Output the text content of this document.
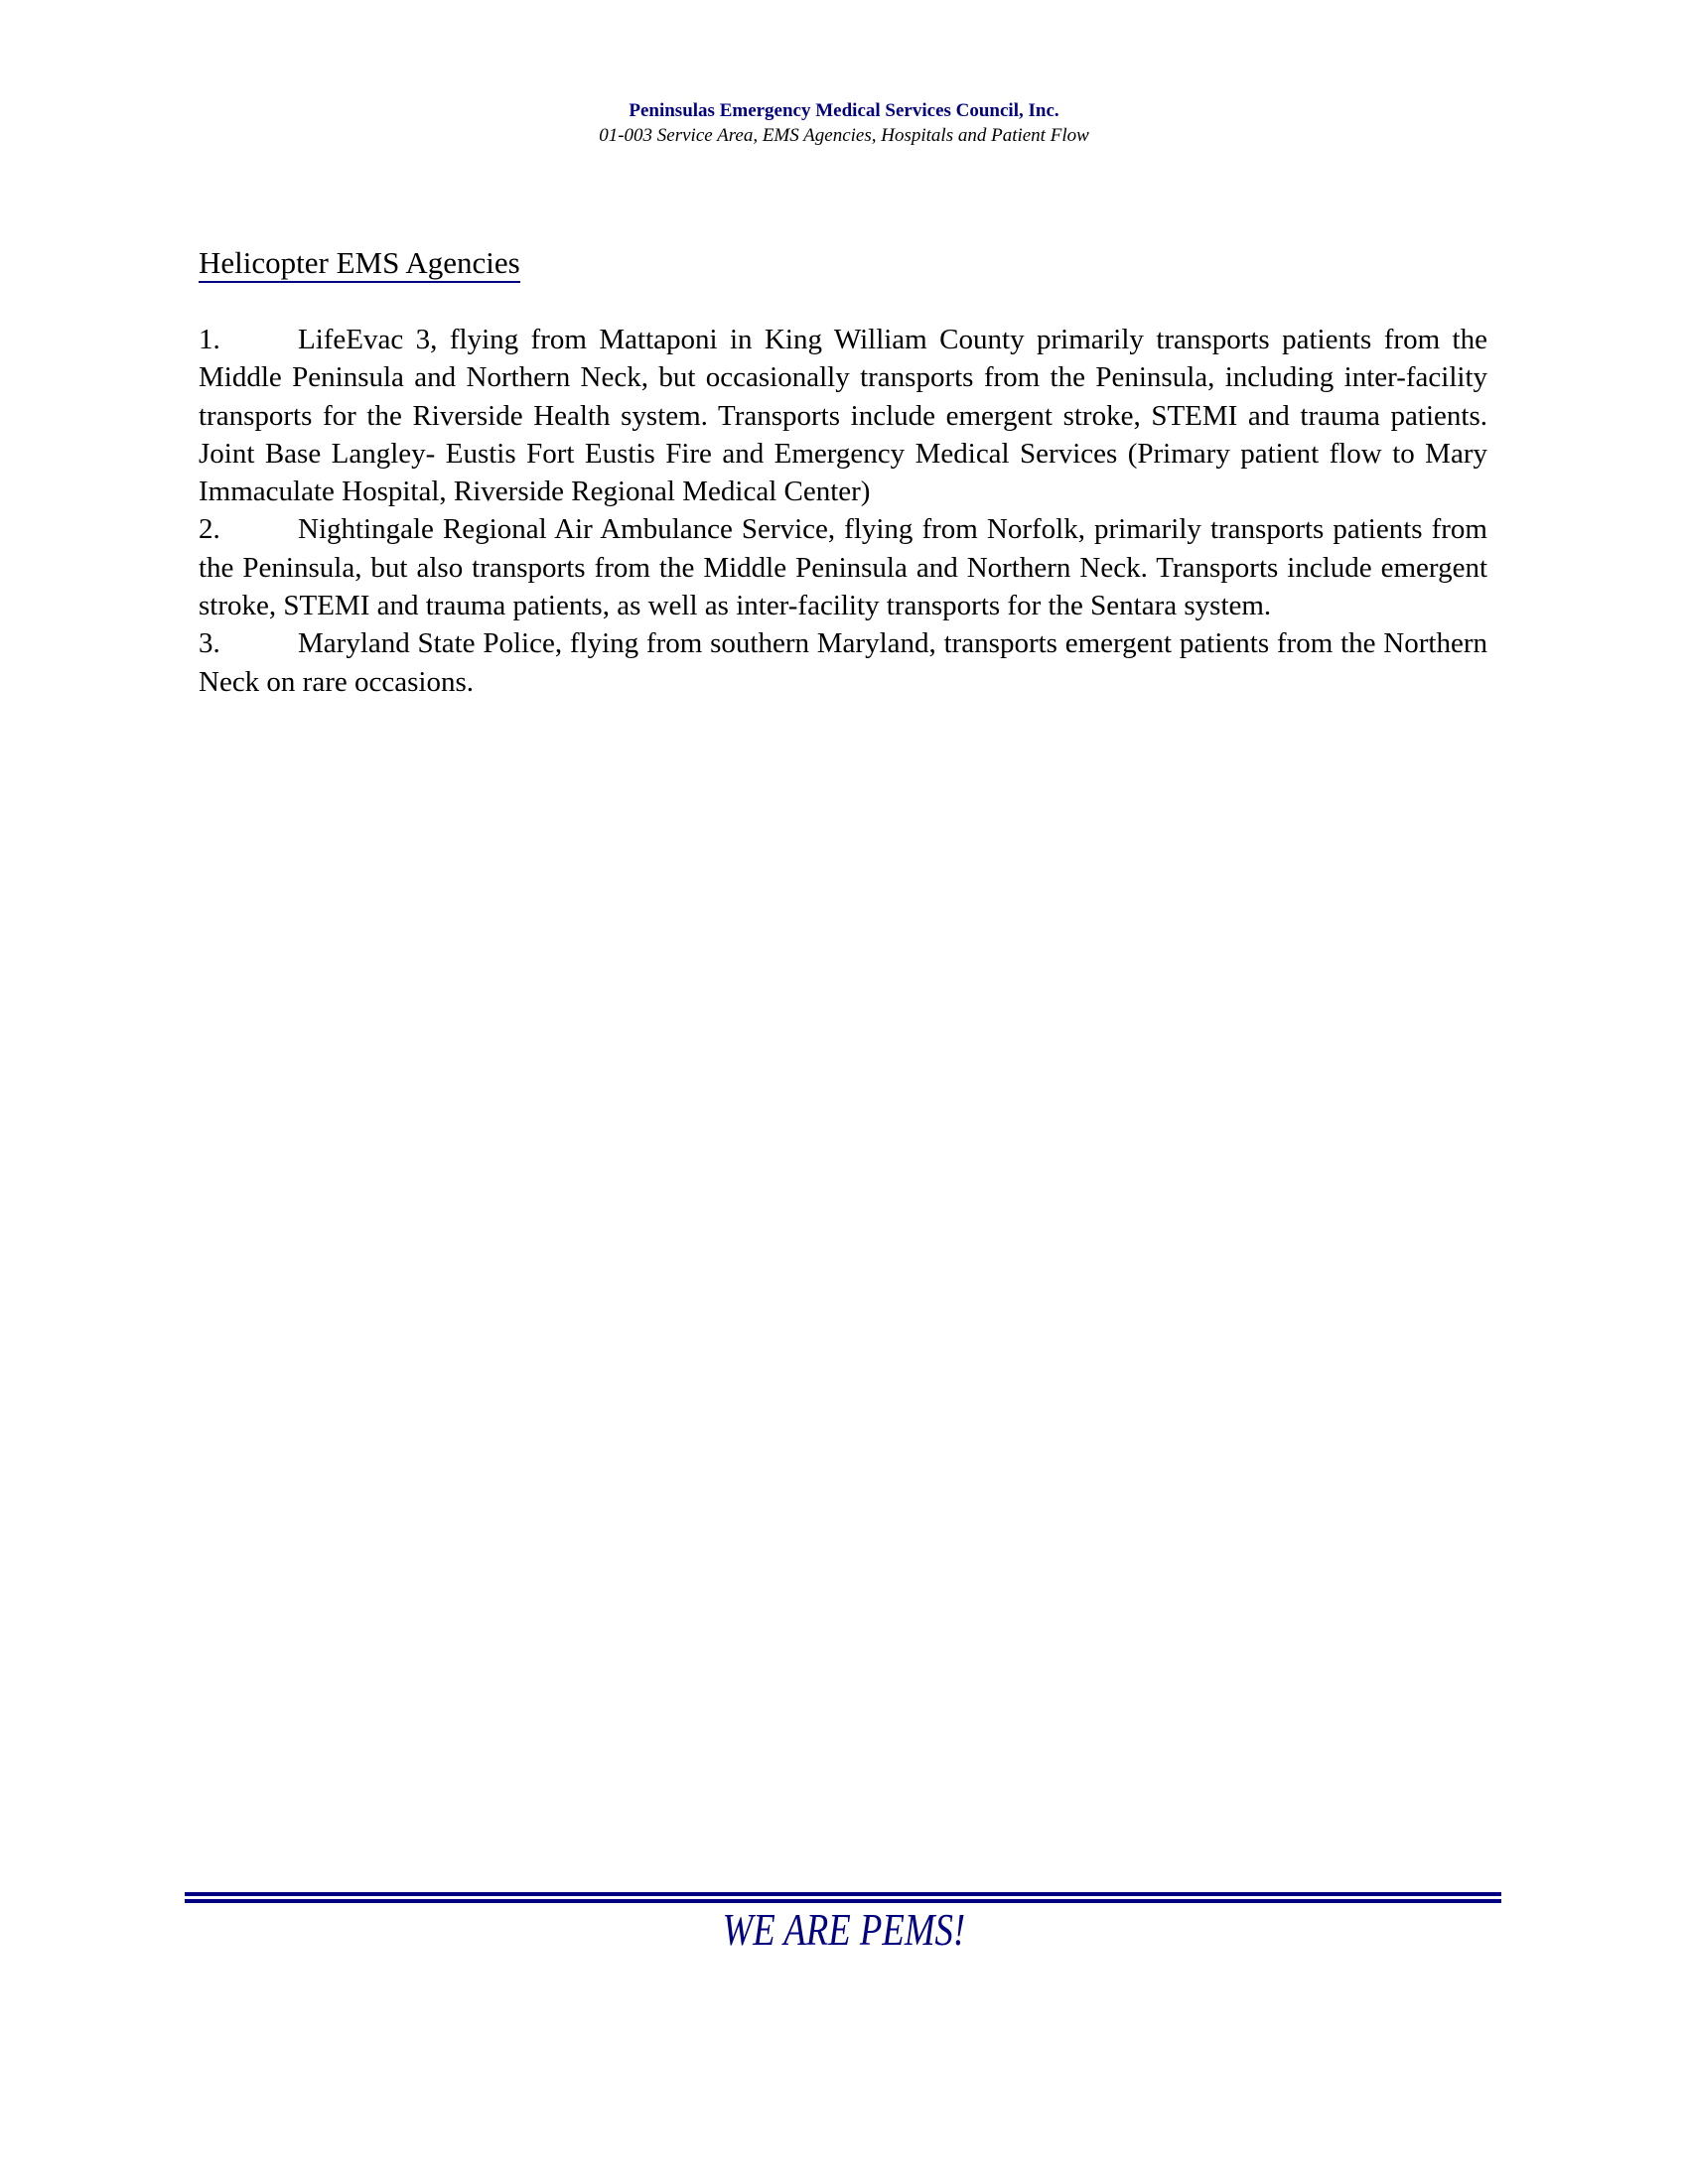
Peninsulas Emergency Medical Services Council, Inc.
01-003 Service Area, EMS Agencies, Hospitals and Patient Flow
Helicopter EMS Agencies

1.	LifeEvac 3, flying from Mattaponi in King William County primarily transports patients from the Middle Peninsula and Northern Neck, but occasionally transports from the Peninsula, including inter-facility transports for the Riverside Health system. Transports include emergent stroke, STEMI and trauma patients. Joint Base Langley- Eustis Fort Eustis Fire and Emergency Medical Services (Primary patient flow to Mary Immaculate Hospital, Riverside Regional Medical Center)

2.	Nightingale Regional Air Ambulance Service, flying from Norfolk, primarily transports patients from the Peninsula, but also transports from the Middle Peninsula and Northern Neck. Transports include emergent stroke, STEMI and trauma patients, as well as inter-facility transports for the Sentara system.

3.	Maryland State Police, flying from southern Maryland, transports emergent patients from the Northern Neck on rare occasions.

WE ARE PEMS!
